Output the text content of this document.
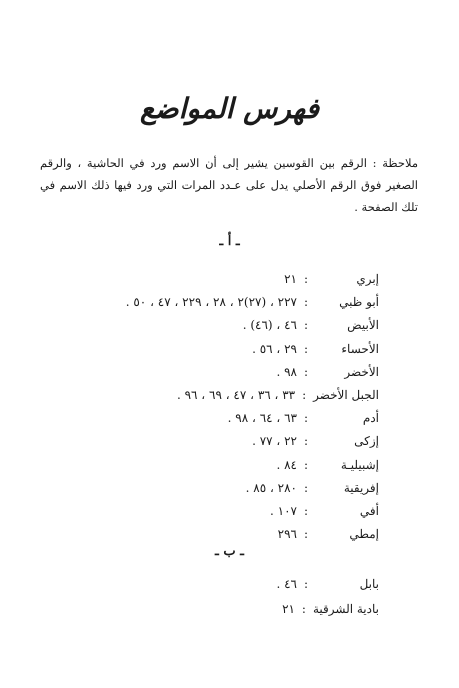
فهرس المواضع
ملاحظة : الرقم بين القوسين يشير إلى أن الاسم ورد في الحاشية ، والرقم الصغير فوق الرقم الأصلي يدل على عـدد المرات التي ورد فيها ذلك الاسم في تلك الصفحة .
ـ أ ـ
إبري:٢١
أبو ظبي:٢٢٧ ، (٢٧)٢ ، ٢٨ ، ٢٢٩ ، ٤٧ ، ٥٠ .
الأبيض:٤٦ ، (٤٦) .
الأحساء:٢٩ ، ٥٦ .
الأخضر:٩٨ .
الجبل الأخضر:٣٣ ، ٣٦ ، ٤٧ ، ٦٩ ، ٩٦ .
أدم:٦٣ ، ٦٤ ، ٩٨ .
إزكى:٢٢ ، ٧٧ .
إشبيليـة:٨٤ .
إفريقية:٢٨٠ ، ٨٥ .
أفي:١٠٧ .
إمطي:٢٩٦
ـ ب ـ
بابل:٤٦ .
بادية الشرقية:٢١
